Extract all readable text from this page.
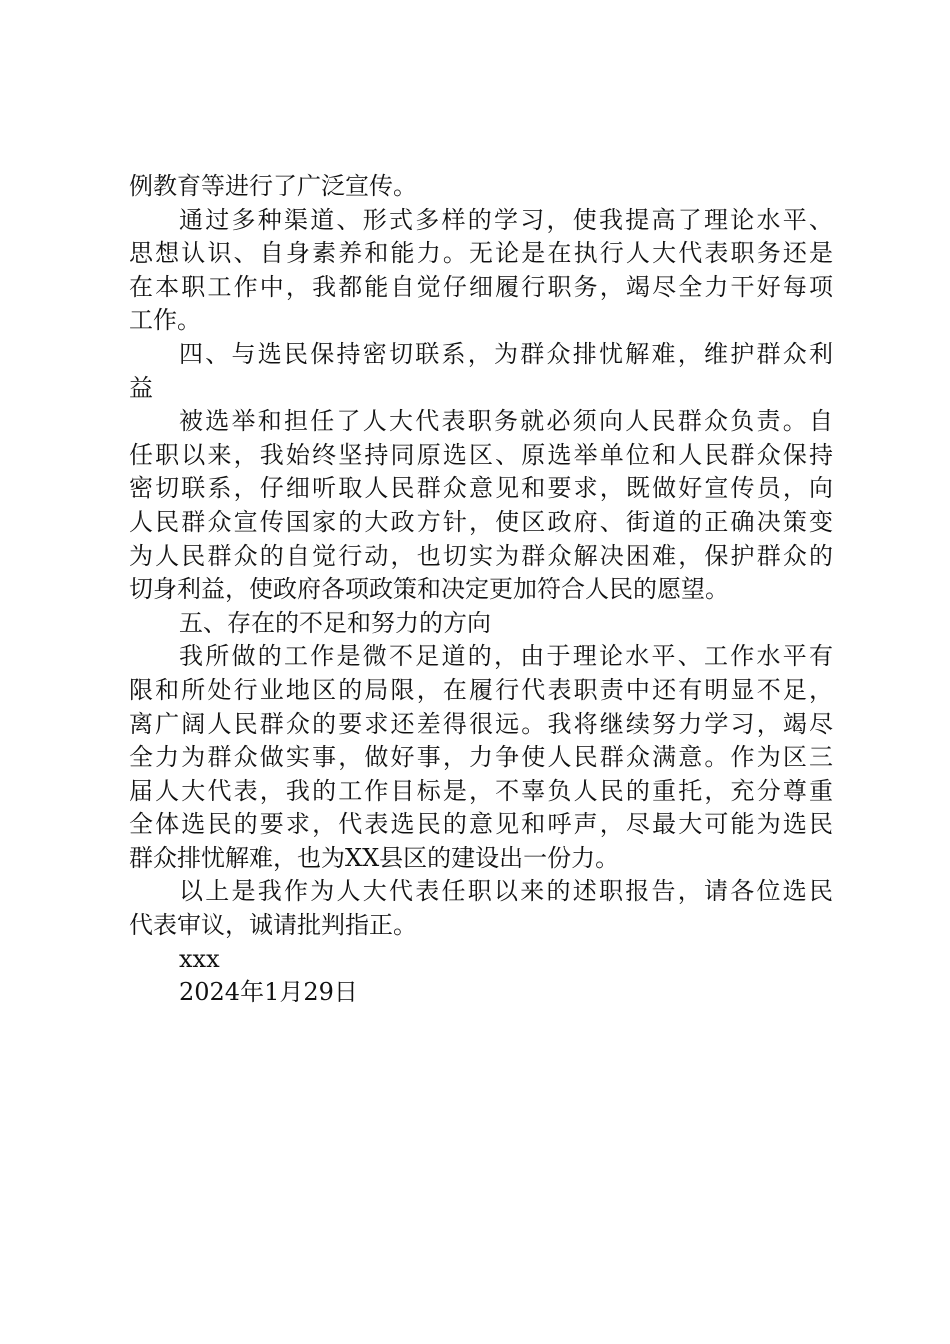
例教育等进行了广泛宣传。
通过多种渠道、形式多样的学习，使我提高了理论水平、
思想认识、自身素养和能力。无论是在执行人大代表职务还是
在本职工作中，我都能自觉仔细履行职务，竭尽全力干好每项
工作。
四、与选民保持密切联系，为群众排忧解难，维护群众利
益
被选举和担任了人大代表职务就必须向人民群众负责。自
任职以来，我始终坚持同原选区、原选举单位和人民群众保持
密切联系，仔细听取人民群众意见和要求，既做好宣传员，向
人民群众宣传国家的大政方针，使区政府、街道的正确决策变
为人民群众的自觉行动，也切实为群众解决困难，保护群众的
切身利益，使政府各项政策和决定更加符合人民的愿望。
五、存在的不足和努力的方向
我所做的工作是微不足道的，由于理论水平、工作水平有
限和所处行业地区的局限，在履行代表职责中还有明显不足，
离广阔人民群众的要求还差得很远。我将继续努力学习，竭尽
全力为群众做实事，做好事，力争使人民群众满意。作为区三
届人大代表，我的工作目标是，不辜负人民的重托，充分尊重
全体选民的要求，代表选民的意见和呼声，尽最大可能为选民
群众排忧解难，也为XX县区的建设出一份力。
以上是我作为人大代表任职以来的述职报告，请各位选民
代表审议，诚请批判指正。
xxx
2024年1月29日
